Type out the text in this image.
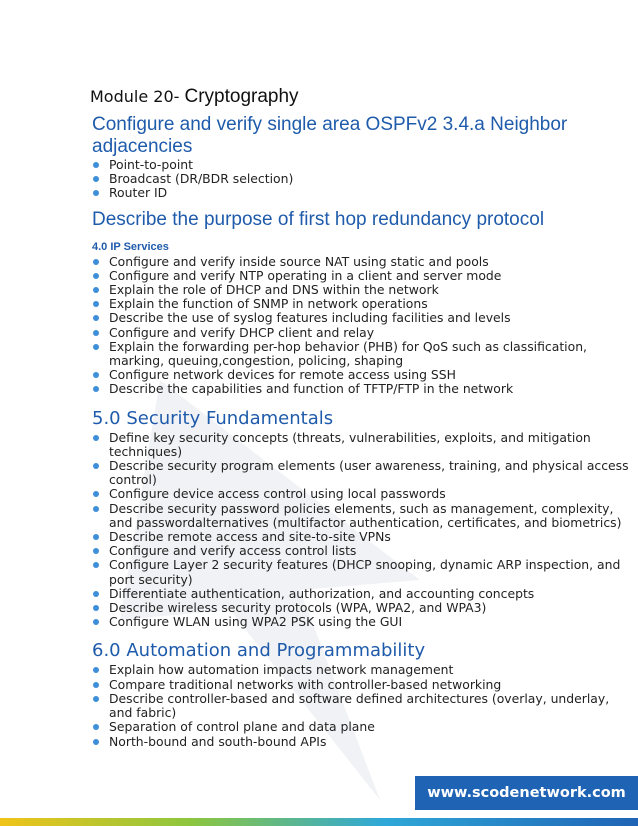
Module 20- Cryptography
Configure and verify single area OSPFv2 3.4.a Neighbor adjacencies
Point-to-point
Broadcast (DR/BDR selection)
Router ID
Describe the purpose of first hop redundancy protocol
4.0 IP Services
Configure and verify inside source NAT using static and pools
Configure and verify NTP operating in a client and server mode
Explain the role of DHCP and DNS within the network
Explain the function of SNMP in network operations
Describe the use of syslog features including facilities and levels
Configure and verify DHCP client and relay
Explain the forwarding per-hop behavior (PHB) for QoS such as classification, marking, queuing,congestion, policing, shaping
Configure network devices for remote access using SSH
Describe the capabilities and function of TFTP/FTP in the network
5.0 Security Fundamentals
Define key security concepts (threats, vulnerabilities, exploits, and mitigation techniques)
Describe security program elements (user awareness, training, and physical access control)
Configure device access control using local passwords
Describe security password policies elements, such as management, complexity, and passwordalternatives (multifactor authentication, certificates, and biometrics)
Describe remote access and site-to-site VPNs
Configure and verify access control lists
Configure Layer 2 security features (DHCP snooping, dynamic ARP inspection, and port security)
Differentiate authentication, authorization, and accounting concepts
Describe wireless security protocols (WPA, WPA2, and WPA3)
Configure WLAN using WPA2 PSK using the GUI
6.0 Automation and Programmability
Explain how automation impacts network management
Compare traditional networks with controller-based networking
Describe controller-based and software defined architectures (overlay, underlay, and fabric)
Separation of control plane and data plane
North-bound and south-bound APIs
www.scodenetwork.com
